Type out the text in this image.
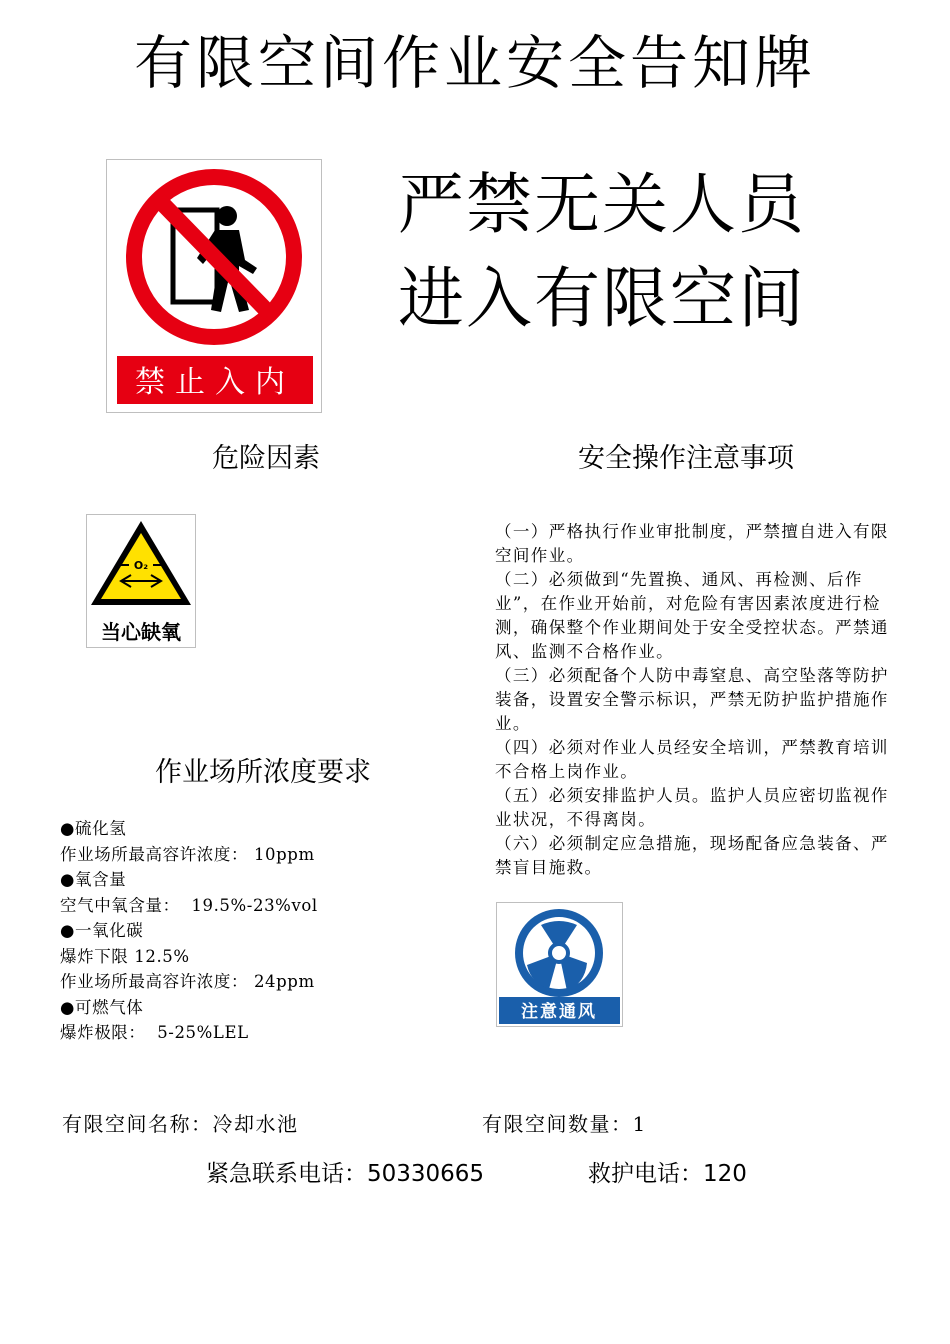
有限空间作业安全告知牌
禁止入内
严禁无关人员
进入有限空间
危险因素	安全操作注意事项
O₂
当心缺氧

（一）严格执行作业审批制度，严禁擅自进入有限空间作业。

（二）必须做到“先置换、通风、再检测、后作业”，在作业开始前，对危险有害因素浓度进行检测，确保整个作业期间处于安全受控状态。严禁通风、监测不合格作业。

（三）必须配备个人防中毒窒息、高空坠落等防护装备，设置安全警示标识，严禁无防护监护措施作业。

（四）必须对作业人员经安全培训，严禁教育培训不合格上岗作业。

（五）必须安排监护人员。监护人员应密切监视作业状况，不得离岗。

（六）必须制定应急措施，现场配备应急装备、严禁盲目施救。

作业场所浓度要求
●硫化氢
作业场所最高容许浓度： 10ppm
●氧含量
空气中氧含量：  19.5%-23%vol
●一氧化碳
爆炸下限 12.5%
作业场所最高容许浓度： 24ppm
●可燃气体
爆炸极限：  5-25%LEL
注意通风
有限空间名称：冷却水池	有限空间数量：1
紧急联系电话：50330665	救护电话：120
